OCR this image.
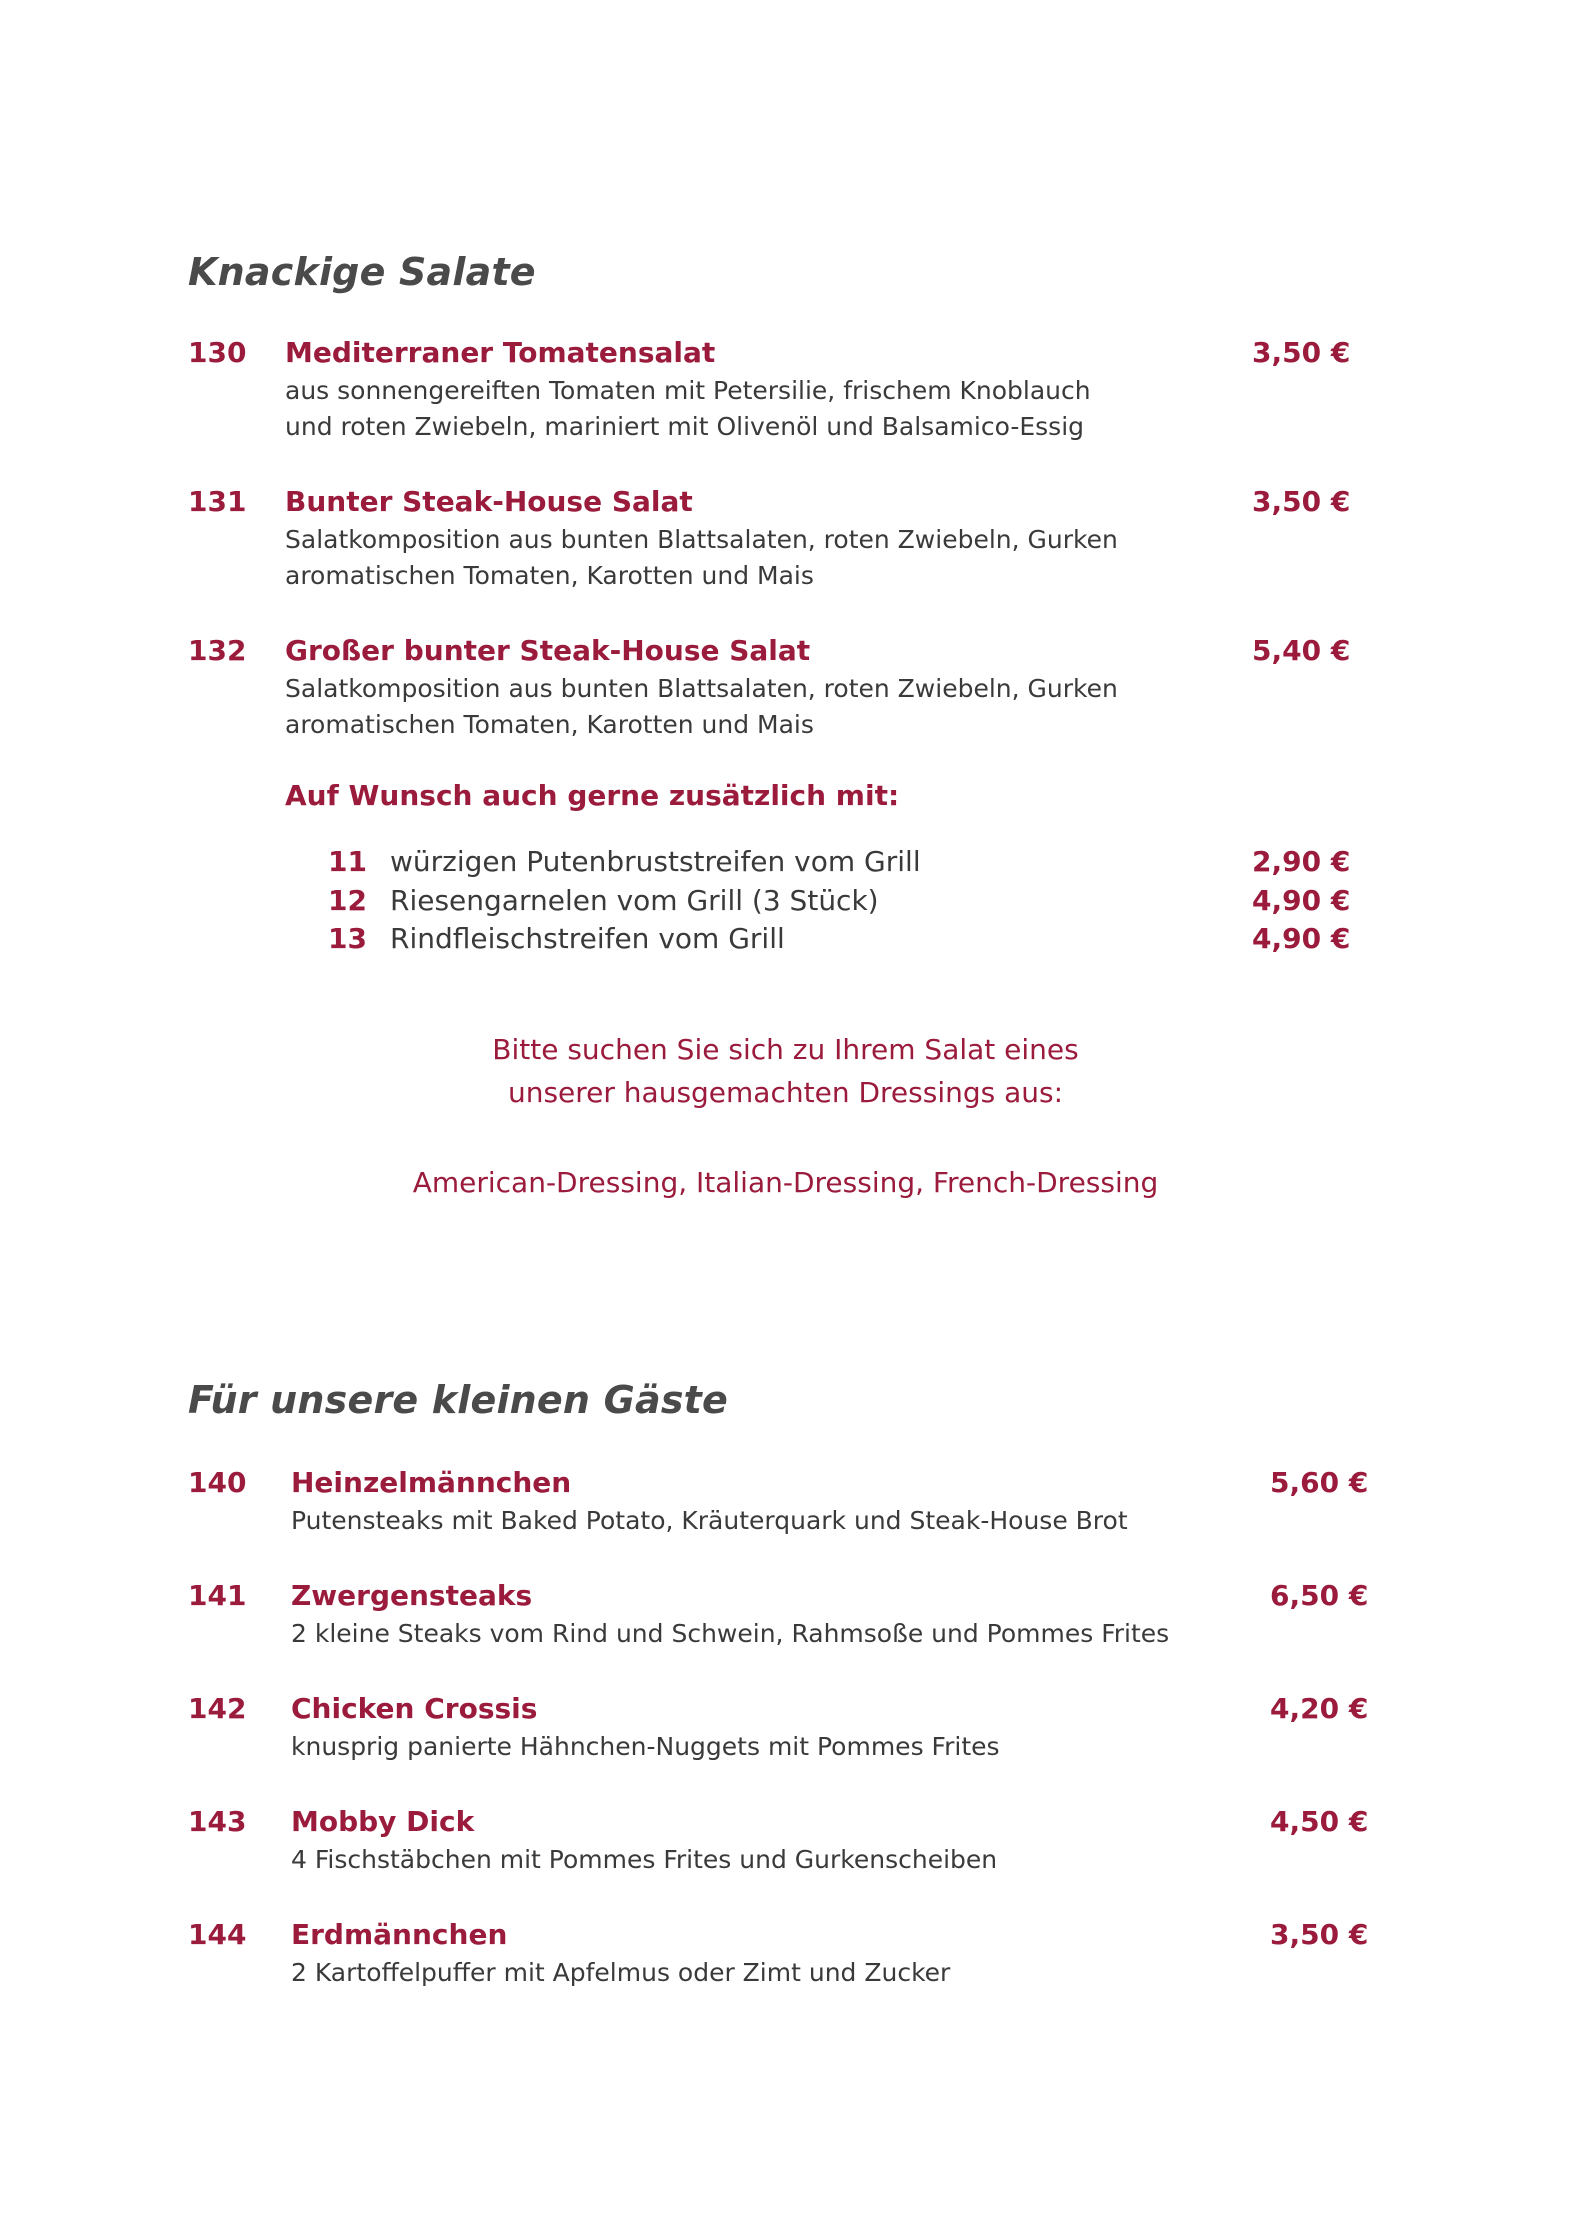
Knackige Salate
130 Mediterraner Tomatensalat	3,50 €
aus sonnengereiften Tomaten mit Petersilie, frischem Knoblauch
und roten Zwiebeln, mariniert mit Olivenöl und Balsamico-Essig
131 Bunter Steak-House Salat	3,50 €
Salatkomposition aus bunten Blattsalaten, roten Zwiebeln, Gurken
aromatischen Tomaten, Karotten und Mais
132 Großer bunter Steak-House Salat	5,40 €
Salatkomposition aus bunten Blattsalaten, roten Zwiebeln, Gurken
aromatischen Tomaten, Karotten und Mais
Auf Wunsch auch gerne zusätzlich mit:
11 würzigen Putenbruststreifen vom Grill	2,90 €
12 Riesengarnelen vom Grill (3 Stück)	4,90 €
13 Rindfleischstreifen vom Grill	4,90 €
Bitte suchen Sie sich zu Ihrem Salat eines
unserer hausgemachten Dressings aus:
American-Dressing, Italian-Dressing, French-Dressing
Für unsere kleinen Gäste
140 Heinzelmännchen	5,60 €
Putensteaks mit Baked Potato, Kräuterquark und Steak-House Brot
141 Zwergensteaks	6,50 €
2 kleine Steaks vom Rind und Schwein, Rahmsoße und Pommes Frites
142 Chicken Crossis	4,20 €
knusprig panierte Hähnchen-Nuggets mit Pommes Frites
143 Mobby Dick	4,50 €
4 Fischstäbchen mit Pommes Frites und Gurkenscheiben
144 Erdmännchen	3,50 €
2 Kartoffelpuffer mit Apfelmus oder Zimt und Zucker
